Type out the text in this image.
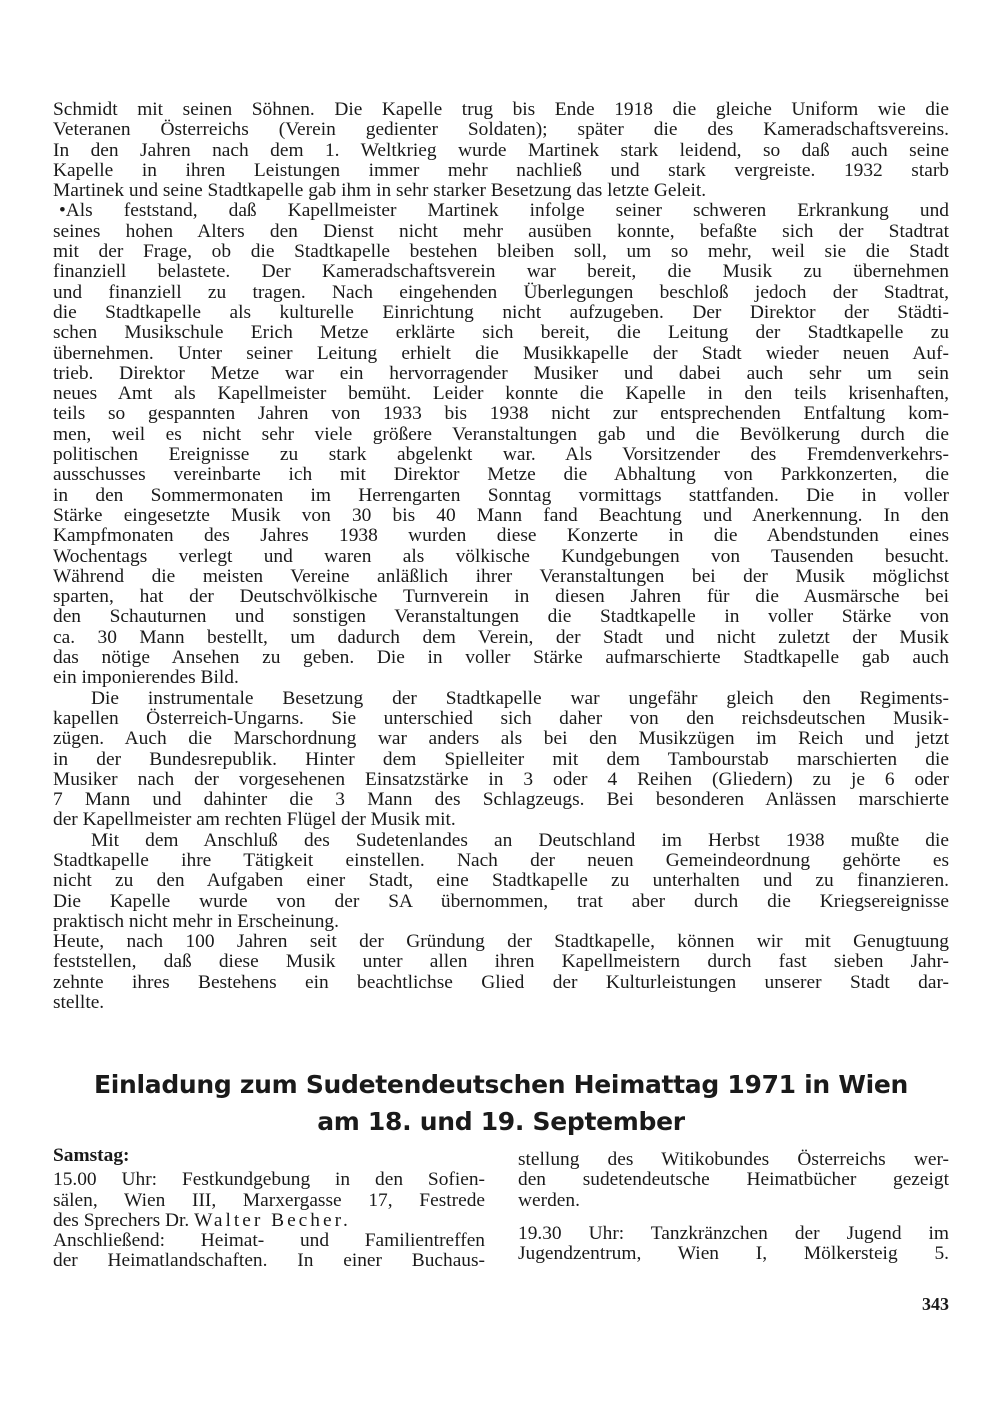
Schmidt mit seinen Söhnen. Die Kapelle trug bis Ende 1918 die gleiche Uniform wie die
Veteranen Österreichs (Verein gedienter Soldaten); später die des Kameradschaftsvereins.
In den Jahren nach dem 1. Weltkrieg wurde Martinek stark leidend, so daß auch seine
Kapelle in ihren Leistungen immer mehr nachließ und stark vergreiste. 1932 starb
Martinek und seine Stadtkapelle gab ihm in sehr starker Besetzung das letzte Geleit.
•Als feststand, daß Kapellmeister Martinek infolge seiner schweren Erkrankung und
seines hohen Alters den Dienst nicht mehr ausüben konnte, befaßte sich der Stadtrat
mit der Frage, ob die Stadtkapelle bestehen bleiben soll, um so mehr, weil sie die Stadt
finanziell belastete. Der Kameradschaftsverein war bereit, die Musik zu übernehmen
und finanziell zu tragen. Nach eingehenden Überlegungen beschloß jedoch der Stadtrat,
die Stadtkapelle als kulturelle Einrichtung nicht aufzugeben. Der Direktor der Städti-
schen Musikschule Erich Metze erklärte sich bereit, die Leitung der Stadtkapelle zu
übernehmen. Unter seiner Leitung erhielt die Musikkapelle der Stadt wieder neuen Auf-
trieb. Direktor Metze war ein hervorragender Musiker und dabei auch sehr um sein
neues Amt als Kapellmeister bemüht. Leider konnte die Kapelle in den teils krisenhaften,
teils so gespannten Jahren von 1933 bis 1938 nicht zur entsprechenden Entfaltung kom-
men, weil es nicht sehr viele größere Veranstaltungen gab und die Bevölkerung durch die
politischen Ereignisse zu stark abgelenkt war. Als Vorsitzender des Fremdenverkehrs-
ausschusses vereinbarte ich mit Direktor Metze die Abhaltung von Parkkonzerten, die
in den Sommermonaten im Herrengarten Sonntag vormittags stattfanden. Die in voller
Stärke eingesetzte Musik von 30 bis 40 Mann fand Beachtung und Anerkennung. In den
Kampfmonaten des Jahres 1938 wurden diese Konzerte in die Abendstunden eines
Wochentags verlegt und waren als völkische Kundgebungen von Tausenden besucht.
Während die meisten Vereine anläßlich ihrer Veranstaltungen bei der Musik möglichst
sparten, hat der Deutschvölkische Turnverein in diesen Jahren für die Ausmärsche bei
den Schauturnen und sonstigen Veranstaltungen die Stadtkapelle in voller Stärke von
ca. 30 Mann bestellt, um dadurch dem Verein, der Stadt und nicht zuletzt der Musik
das nötige Ansehen zu geben. Die in voller Stärke aufmarschierte Stadtkapelle gab auch
ein imponierendes Bild.
Die instrumentale Besetzung der Stadtkapelle war ungefähr gleich den Regiments-
kapellen Österreich-Ungarns. Sie unterschied sich daher von den reichsdeutschen Musik-
zügen. Auch die Marschordnung war anders als bei den Musikzügen im Reich und jetzt
in der Bundesrepublik. Hinter dem Spielleiter mit dem Tambourstab marschierten die
Musiker nach der vorgesehenen Einsatzstärke in 3 oder 4 Reihen (Gliedern) zu je 6 oder
7 Mann und dahinter die 3 Mann des Schlagzeugs. Bei besonderen Anlässen marschierte
der Kapellmeister am rechten Flügel der Musik mit.
Mit dem Anschluß des Sudetenlandes an Deutschland im Herbst 1938 mußte die
Stadtkapelle ihre Tätigkeit einstellen. Nach der neuen Gemeindeordnung gehörte es
nicht zu den Aufgaben einer Stadt, eine Stadtkapelle zu unterhalten und zu finanzieren.
Die Kapelle wurde von der SA übernommen, trat aber durch die Kriegsereignisse
praktisch nicht mehr in Erscheinung.
Heute, nach 100 Jahren seit der Gründung der Stadtkapelle, können wir mit Genugtuung
feststellen, daß diese Musik unter allen ihren Kapellmeistern durch fast sieben Jahr-
zehnte ihres Bestehens ein beachtlichse Glied der Kulturleistungen unserer Stadt dar-
stellte.
Einladung zum Sudetendeutschen Heimattag 1971 in Wien
am 18. und 19. September
Samstag:
15.00 Uhr: Festkundgebung in den Sofien-
sälen, Wien III, Marxergasse 17, Festrede
des Sprechers Dr. Walter Becher.
Anschließend: Heimat- und Familientreffen
der Heimatlandschaften. In einer Buchaus-
stellung des Witikobundes Österreichs wer-
den sudetendeutsche Heimatbücher gezeigt
werden.
19.30 Uhr: Tanzkränzchen der Jugend im
Jugendzentrum, Wien I, Mölkersteig 5.
343
